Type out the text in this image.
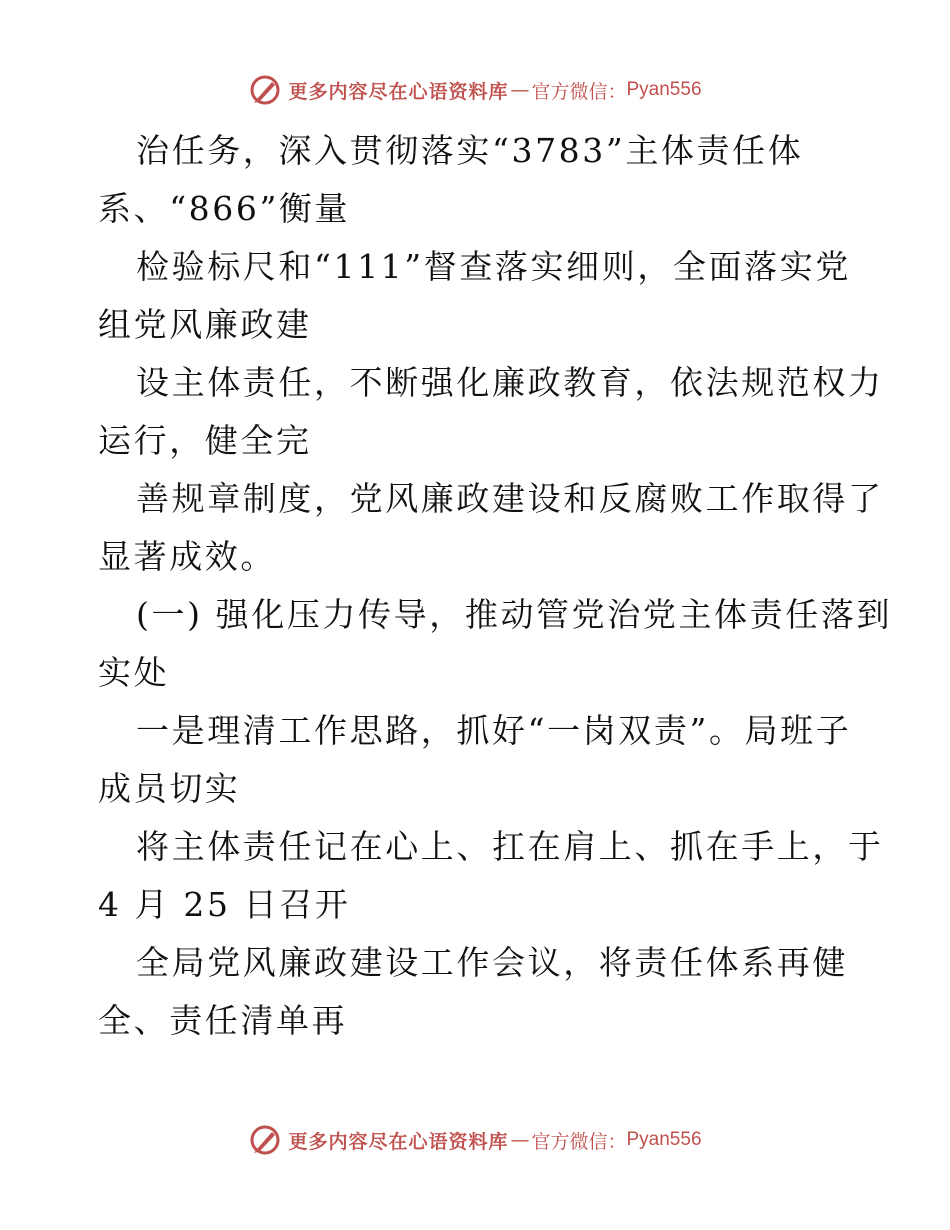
更多内容尽在心语资料库 — 官方微信： Pyan556
治任务，深入贯彻落实“3783”主体责任体
系、“866”衡量
检验标尺和“111”督查落实细则，全面落实党
组党风廉政建
设主体责任，不断强化廉政教育，依法规范权力
运行，健全完
善规章制度，党风廉政建设和反腐败工作取得了
显著成效。
(一) 强化压力传导，推动管党治党主体责任落到
实处
一是理清工作思路，抓好“一岗双责”。局班子
成员切实
将主体责任记在心上、扛在肩上、抓在手上，于
4 月 25 日召开
全局党风廉政建设工作会议，将责任体系再健
全、责任清单再
更多内容尽在心语资料库 — 官方微信： Pyan556
